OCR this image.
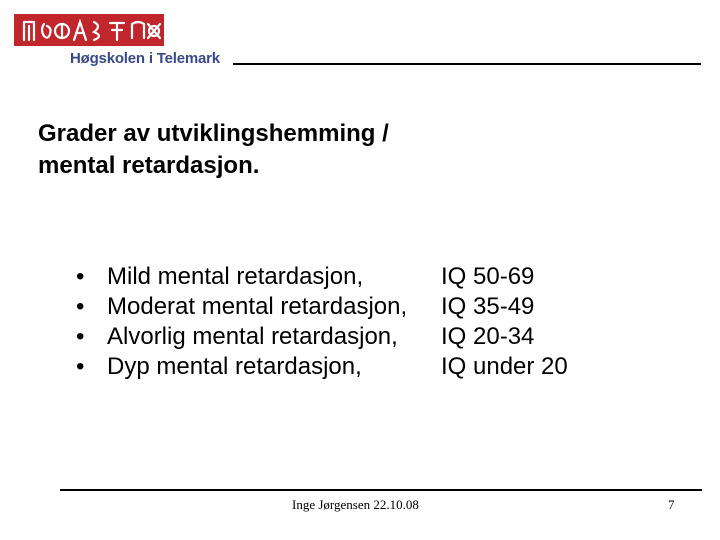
Høgskolen i Telemark
Grader av utviklingshemming /
mental retardasjon.
• Mild mental retardasjon,	IQ 50-69
• Moderat mental retardasjon,	IQ 35-49
• Alvorlig mental retardasjon,	IQ 20-34
• Dyp mental retardasjon,	IQ under 20
Inge Jørgensen 22.10.08	7
